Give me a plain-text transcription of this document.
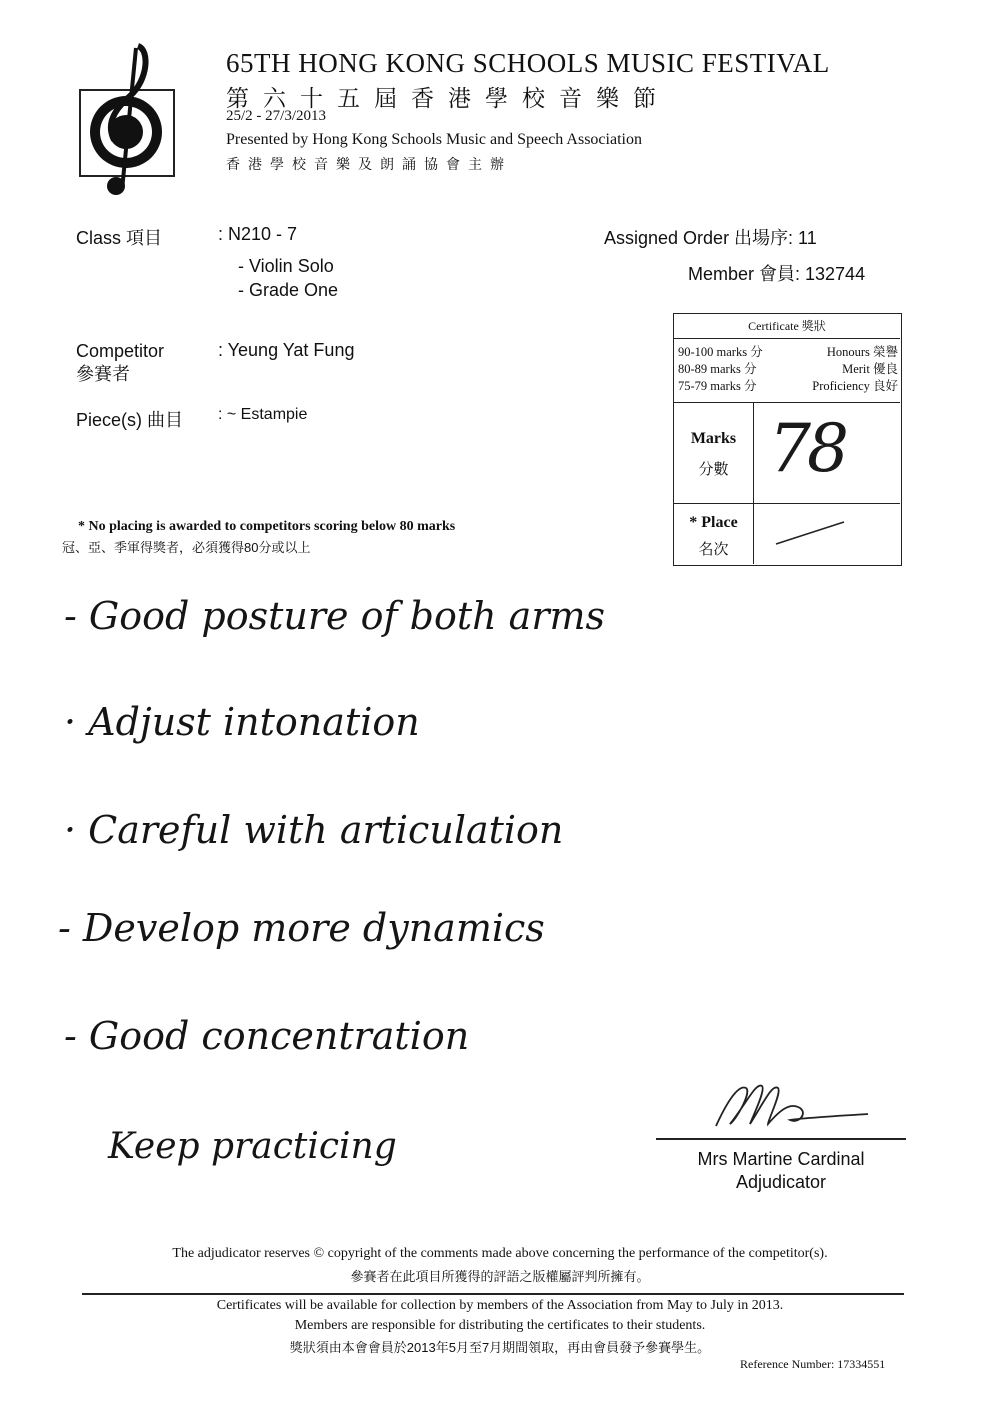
65TH HONG KONG SCHOOLS MUSIC FESTIVAL
第六十五屆香港學校音樂節
25/2 - 27/3/2013
Presented by Hong Kong Schools Music and Speech Association
香港學校音樂及朗誦協會主辦
Class 項目	: N210 - 7
- Violin Solo
- Grade One
Competitor
參賽者
: Yeung Yat Fung
Piece(s) 曲目 : ~ Estampie
Assigned Order 出場序: 11
Member 會員: 132744
Certificate 獎狀
90-100 marks 分	Honours 榮譽
80-89 marks 分	Merit 優良
75-79 marks 分	Proficiency 良好
Marks
分數 78
* Place
名次
* No placing is awarded to competitors scoring below 80 marks
冠、亞、季軍得獎者，必須獲得80分或以上
- Good posture of both arms
· Adjust intonation
· Careful with articulation
- Develop more dynamics
- Good concentration
Keep practicing	Mrs Martine Cardinal
Adjudicator
The adjudicator reserves © copyright of the comments made above concerning the performance of the competitor(s).
參賽者在此項目所獲得的評語之版權屬評判所擁有。
Certificates will be available for collection by members of the Association from May to July in 2013.
Members are responsible for distributing the certificates to their students.
獎狀須由本會會員於2013年5月至7月期間領取，再由會員發予參賽學生。
Reference Number: 17334551
